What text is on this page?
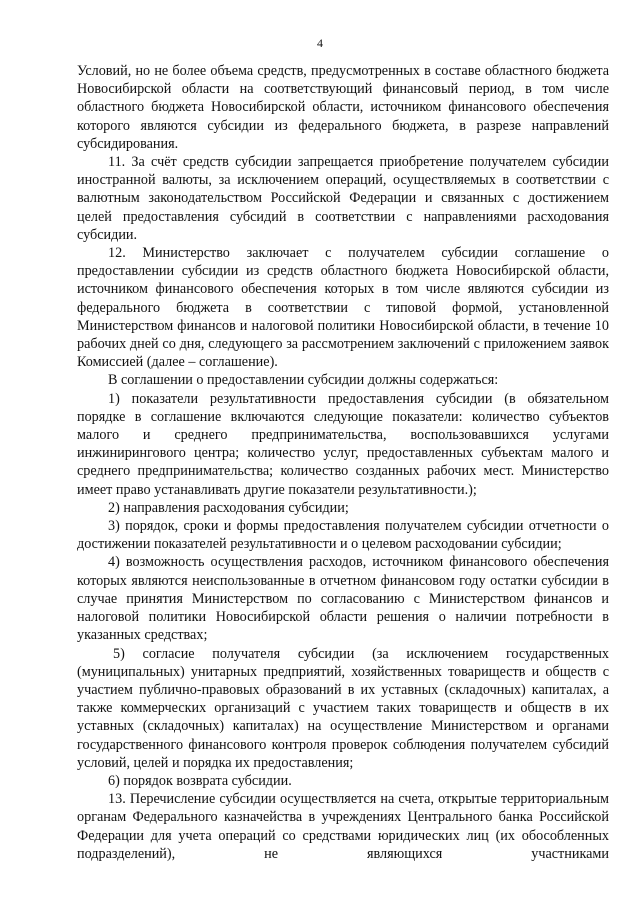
4

Условий, но не более объема средств, предусмотренных в составе областного бюджета Новосибирской области на соответствующий финансовый период, в том числе областного бюджета Новосибирской области, источником финансового обеспечения которого являются субсидии из федерального бюджета, в разрезе направлений субсидирования.

11. За счёт средств субсидии запрещается приобретение получателем субсидии иностранной валюты, за исключением операций, осуществляемых в соответствии с валютным законодательством Российской Федерации и связанных с достижением целей предоставления субсидий в соответствии с направлениями расходования субсидии.

12. Министерство заключает с получателем субсидии соглашение о предоставлении субсидии из средств областного бюджета Новосибирской области, источником финансового обеспечения которых в том числе являются субсидии из федерального бюджета в соответствии с типовой формой, установленной Министерством финансов и налоговой политики Новосибирской области, в течение 10 рабочих дней со дня, следующего за рассмотрением заключений с приложением заявок Комиссией (далее – соглашение).

В соглашении о предоставлении субсидии должны содержаться:

1) показатели результативности предоставления субсидии (в обязательном порядке в соглашение включаются следующие показатели: количество субъектов малого и среднего предпринимательства, воспользовавшихся услугами инжинирингового центра; количество услуг, предоставленных субъектам малого и среднего предпринимательства; количество созданных рабочих мест. Министерство имеет право устанавливать другие показатели результативности.);

2) направления расходования субсидии;

3) порядок, сроки и формы предоставления получателем субсидии отчетности о достижении показателей результативности и о целевом расходовании субсидии;

4) возможность осуществления расходов, источником финансового обеспечения которых являются неиспользованные в отчетном финансовом году остатки субсидии в случае принятия Министерством по согласованию с Министерством финансов и налоговой политики Новосибирской области решения о наличии потребности в указанных средствах;

5) согласие получателя субсидии (за исключением государственных (муниципальных) унитарных предприятий, хозяйственных товариществ и обществ с участием публично-правовых образований в их уставных (складочных) капиталах, а также коммерческих организаций с участием таких товариществ и обществ в их уставных (складочных) капиталах) на осуществление Министерством и органами государственного финансового контроля проверок соблюдения получателем субсидий условий, целей и порядка их предоставления;

6) порядок возврата субсидии.

13. Перечисление субсидии осуществляется на счета, открытые территориальным органам Федерального казначейства в учреждениях Центрального банка Российской Федерации для учета операций со средствами юридических лиц (их обособленных подразделений), не являющихся участниками
